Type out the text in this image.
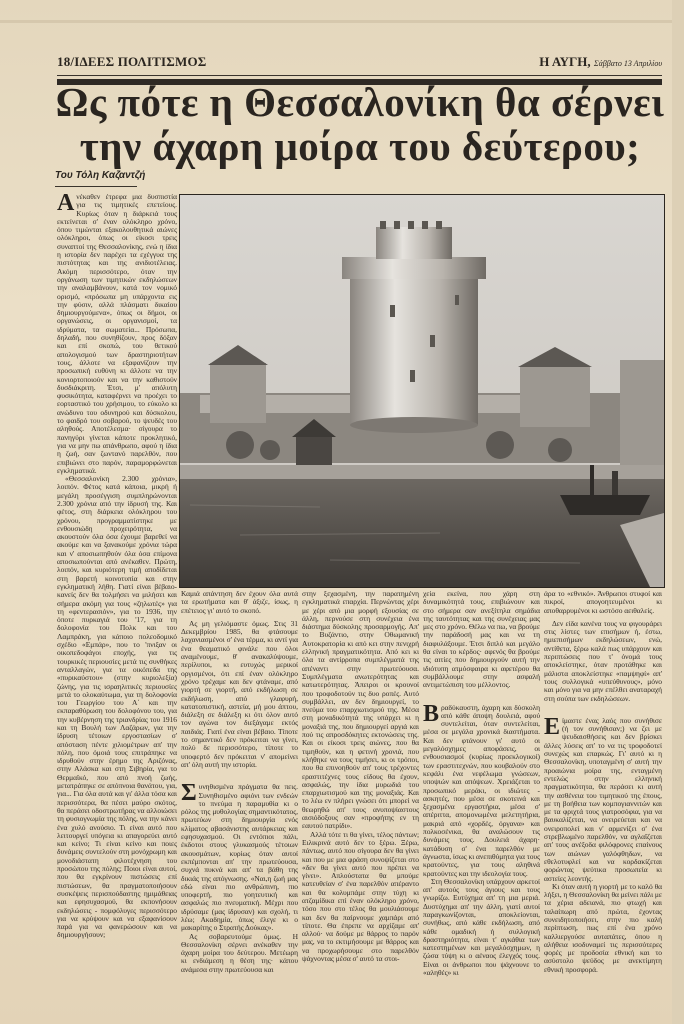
18/ΙΔΕΕΣ ΠΟΛΙΤΙΣΜΟΣ	Η ΑΥΓΗ, Σάββατο 13 Απριλίου
Ως πότε η Θεσσαλονίκη θα σέρνει
την άχαρη μοίρα του δεύτερου;
Του Τόλη Καζαντζή

Aνέκαθεν έτρεφα μια δυσπιστία για τις τιμητικές επετείους. Κυρίως όταν η διάρκειά τους εκτείνεται σ' έναν ολόκληρο χρόνο, όπου τιμώνται εξακολουθητικά αιώνες ολόκληροι, όπως οι είκοσι τρεις συναπτοί της Θεσσαλονίκης, ενώ η ίδια η ιστορία δεν παρέχει τα εχέγγυα της πιστότητας και της ανιδιοτέλειας. Ακόμη περισσότερο, όταν την οργάνωση των τιμητικών εκδηλώσεων την αναλαμβάνουν, κατά τον νομικό ορισμό, «πρόσωπα μη υπάρχοντα εις την φύσιν, αλλά πλάσματι δικαίου δημιουργούμενα», όπως οι δήμοι, οι οργανώσεις, οι οργανισμοί, τα ιδρύματα, τα σωματεία... Πρόσωπα, δηλαδή, που συνηθίζουν, προς δόξαν και επί σκοπώ, του θετικού απολογισμού των δραστηριοτήτων τους, άλλοτε να εξαφανίζουν την προσωπική ευθύνη κι άλλοτε να την κονιορτοποιούν και να την καθιστούν δυσδιάκριτη. Έτσι, μ' απόλυτη φυσικότητα, καταφέρνει να προέχει το εορταστικό του χρήσιμου, το εύκολο κι ανώδυνο του οδυνηρού και δύσκολου, το φαιδρό του σοβαρού, το ψευδές του αληθούς. Αποτέλεσμα· σίγουρα το πανηγύρι γίνεται κάποτε προκλητικό, για να μην πω απάνθρωπο, αφού η ίδια η ζωή, σαν ζωντανό παρελθόν, που επιβιώνει στο παρόν, παραμορφώνεται εγκληματικά.

«Θεσσαλονίκη 2.300 χρόνια», λοιπόν. Φέτος κατά κάποια, μικρή ή μεγάλη προσέγγιση συμπληρώνονται 2.300 χρόνια από την ίδρυσή της. Και φέτος, στη διάρκεια ολόκληρου του χρόνου, προγραμματίστηκε με ενθουσιώδη προχειρότητα, να ακουστούν όλα όσα έχουμε βαρεθεί να ακούμε και να ξανακούμε χρόνια τώρα και ν' αποσιωπηθούν όλα όσα επίμονα αποσιωπούνται από ανέκαθεν. Πρώτη, λοιπόν, και κυριότερη τιμή αποδίδεται στη βαρετή κοινοτυπία και στην εγκληματική λήθη. Γιατί είναι βέβαιο- κανείς δεν θα τολμήσει να μιλήσει και σήμερα ακόμη για τους «ζηλωτές» για τη «φεντερασιόν», για το 1936, την όποτε πυρκαγιά του '17, για τη δολοφονία του Πολκ και του Λαμπράκη, για κάποιο πολεοδομικό σχέδιο «Εμπάρ», που το 'πνιξαν οι οικοπεδοφάγοι εποχής, για τις τουρκικές περιουσίες μετά τις συνθήκες ανταλλαγών, για τα οικόπεδα της «πυρικαύστου» (στην κυριολεξία) ζώνης, για τις ισραηλιτικές περιουσίες μετά το ολοκαύτωμα, για τη δολοφονία του Γεωργίου του Α΄ και την εκπαραθύρωση του δολοφόνου του, για την κυβέρνηση της τριανδρίας του 1916 και τη Βουλή των Λαζάρων, για την ίδρυση τέτοιων εργοστασίων σ' απόσταση πέντε χιλιομέτρων απ' την πόλη, που όμοιά τους επιτράπηκε να ιδρυθούν στην έρημο της Αριζόνας, στην Αλάσκα και στη Σιβηρία, για το Θερμαϊκό, που από πνοή ζωής, μετατράπηκε σε απόπνοια θανάτου, για, για... Για όλα αυτά και γι' άλλα τόσα και περισσότερα, θα πέσει μαύρο σκότος, θα περάσει οδοστρωτήρας να αλλοιώσει τη φυσιογνωμία της πόλης, να την κάνει ένα χυλό ανούσιο. Τι είναι αυτό που λειτουργεί υπόγεια κι απαγορεύει αυτό και κείνο; Τι είναι κείνο και ποιες δυνάμεις συντελούν στη μονόχρωμη και μονοδιάστατη φιλοτέχνηση του προσώπου της πόλης; Ποιοι είναι αυτοί, που θα εγκρίνουν πιστώσεις επί πιστώσεων, θα πραγματοποιήσουν συσκέψεις περισπούδαστης ημιμάθειας και εφησυχασμού, θα εκπονήσουν εκδηλώσεις - πομφόλυγες περισσότερο για να κρύψουν και να εξαφανίσουν παρά για να φανερώσουν και να δημιουργήσουν;

Καμιά απάντηση δεν έχουν όλα αυτά τα ερωτήματα και θ' άξιζε, ίσως, η επέτειος γι' αυτό το σκοπό.

Ας μη γελιόμαστε όμως. Στις 31 Δεκεμβρίου 1985, θα φτάσουμε λαχανιασμένοι σ' ένα τέρμα, κι αντί για ένα θεαματικό φινάλε που όλοι αναμένουμε, θ' ανακαλύψουμε, περίλυποι, κι ευτυχώς μερικοί οργισμένοι, ότι επί έναν ολόκληρο χρόνο τρέχαμε και δεν φτάναμε, από γιορτή σε γιορτή, από εκδήλωση σε εκδήλωση, από γλαφυρή, κατατοπιστική, αστεία, μή μου άπτου, διάλεξη σε διάλεξη κι ότι όλον αυτό τον αγώνα τον διεξάγαμε εκτός παιδιάς. Γιατί ένα είναι βέβαιο. Τίποτε το σημαντικό δεν πρόκειται να γίνει, πολύ δε περισσότερο, τίποτε το υποφερτό δεν πρόκειται ν' απομείνει απ' όλη αυτή την ιστορία.

Συνηθισμένα πράγματα θα πεις. Συνηθισμένο αφιόνι των ενδεών το πνεύμα η παραμυθία κι ο ρόλος της μυθολογίας σημαντικότατος, πρωτεύων στη δημιουργία ενός κλίματος αβασάνιστης αυτάρκειας και εφησυχασμού. Οι εντόπιοι πάλι, έκδοτοι στους γλυκασμούς τέτοιων ακουσμάτων, κυρίως όταν αυτοί εκπέμπονται απ' την πρωτεύουσα, συχνά πυκνά και απ' τα βάθη της δικιάς της απόγνωσης. «Ναι,η ζωή μας εδώ είναι πιο ανθρώπινη, πιο υποφερτή, πιο γοητευτική και ασφαλώς πιο πνευματική. Μέχρι που ιδρύσαμε (μας ίδρυσαν) και σχολή, τι λέω; Ακαδημία, όπως έλεγε κι ο μακαρίτης ο Στρατής Δούκας».

Ας σοβαρευτούμε όμως. Η Θεσσαλονίκη σέρνει ανέκαθεν την άχαρη μοίρα του δεύτερου. Μετέωρη κι ενδιάμεση η θέση της· κάπου ανάμεσα στην πρωτεύουσα και

στην ξεχασμένη, την παρατημένη εγκληματικά επαρχία. Περνώντας χέρι με χέρι από μια μορφή εξουσίας σε άλλη, περνούσε στη συνέχεια ένα διάστημα δύσκολης προσαρμογής. Απ' το Βυζάντιο, στην Οθωμανική Αυτοκρατορία κι από κει στην πενιχρή ελληνική πραγματικότητα. Από κει κι όλα τα αντίρροπα συμπλέγματά της απέναντι στην πρωτεύουσα. Συμπλέγματα ανωτερότητας και κατωτερότητας. Άπειροι οι κρουνοί που τροφοδοτούν τις δυο ροπές. Αυτό συμβάλλει, αν δεν δημιουργεί, το πνεύμα του επαρχιωτισμού της. Μέσα στη μοναδικότητά της υπάρχει κι η μοναξιά της, που δημιουργεί αργιά και πού τις απροσδόκητες εκτονώσεις της. Και οι είκοσι τρεις αιώνες, που θα τιμηθούν, και η φετινή χρονιά, που κλήθηκε να τους τιμήσει, κι οι τρόποι, που θα επινοηθούν απ' τους τρέχοντες εραστιτέχνες τους είδους θα έχουν, ασφαλώς, την ίδια μυρωδιά του επαρχιωτισμού και της μοναξιάς. Και το λέω εν πλήρει γνώσει ότι μπορεί να θεωρηθώ απ' τους ανυποψίαστους αισιόδοξους σαν «προφήτης εν τη εαυτού πατρίδι».

Αλλά τότε τι θα γίνει, τέλος πάντων; Ειλικρινά αυτό δεν το ξέρω. Ξέρω, πάντως, αυτό που σίγουρα δεν θα γίνει και που με μια φράση συνοψίζεται στο «δεν θα γίνει αυτό που πρέπει να γίνει». Απλούστατα θα μπούμε κατευθείαν σ' ένα παρελθόν απέραντο και θα κολυμπάμε στην τύχη κι ατζαμίδικα επί έναν ολόκληρο χρόνο, τόσο που στο τέλος θα μουλιάσουμε και δεν θα παίρνουμε χαμπάρι από τίποτε. Θα έπρεπε να αρχίζαμε απ' αλλού· να δούμε με θάρρος το παρόν μας, να το εκτιμήσουμε με θάρρος και να προχωρήσουμε στο παρελθόν ψάχνοντας μέσα σ' αυτό τα στοι-

χεία εκείνα, που χάρη στη δυναμικότητά τους, επιβιώνουν και στο σήμερα σαν ανεξίτηλα σημάδια της ταυτότητας και της συνέχειας μας μες στο χρόνο. Θέλω να πω, να βρούμε την παράδοσή μας και να τη διαφυλάξουμε. Έτσι διπλό και μεγάλο θα είναι το κέρδος· αφενός θα βρούμε τις αιτίες που δημιουργούν αυτή την ιδιότυπη ατμόσφαιρα κι αφετέρου θα συμβάλλουμε στην ασφαλή αντιμετώπιση του μέλλοντος.

Βραδύκαυστη, άχαρη και δύσκολη από κάθε άποψη δουλειά, αφού συντελείται, όταν συντελείται, μέσα σε μεγάλα χρονικά διαστήματα. Και δεν φτάνουν γι' αυτό οι μεγαλόσχημες αποφάσεις, οι ενθουσιασμοί (κυρίως προεκλογικοί) των εραστιτεχνών, που κουβαλούν στο κεφάλι ένα νεφέλωμα γνώσεων, υποψιών και απόψεων. Χρειάζεται το προσωπικό μεράκι, οι ιδιώτες - ασκητές, που μέσα σε σκοτεινά και ξεχασμένα εργαστήρια, μέσα σ' απέριττα, απομονωμένα μελετητήρια, μακριά από «χορδές, όργανα» και πολκοσένικα, θα αναλώσουν τις δυνάμεις τους. Δουλειά άχαρη· κατάδυση σ' ένα παρελθόν με άγνωστα, ίσως κι ανεπιθύμητα για τους κρατούντες, για τους αληθινά κρατούντες και την ιδεολογία τους.

Στη Θεσσαλονίκη υπάρχουν αρκετοί απ' αυτούς τους άγιους και τους γνωρίζω. Ευτύχημα απ' τη μια μεριά. Δυστύχημα απ' την άλλη, γιατί αυτοί παραγκωνίζονται, αποκλείονται, συνήθως, από κάθε εκδήλωση, από κάθε ομαδική ή συλλογική δραστηριότητα, είναι τ' αγκάθια των κατεστημένων και μεγαλόσχημων, η ζώσα τύψη κι ο αέναος έλεγχός τους. Είναι οι άνθρωποι που ψάχνουνε το «αληθές» κι

άρα το «εθνικό». Άνθρωποι στυφοί και πικροί, απογοητευμένοι κι αποθαρρυμένοι κι ωστόσο αειθαλείς.

Δεν είδα κανένα τους να φιγουράρει στις λίστες των επισήμων ή, έστω, ημιεπισήμων εκδηλώσεων, ενώ, αντίθετα, ξέρω καλά πως υπάρχουν και περιπτώσεις που τ' όνομά τους αποκλείστηκε, όταν προτάθηκε και μάλιστα αποκλείστηκε «παμψηφί» απ' τους συλλογικά «υπεύθυνους», μόνο και μόνο για να μην επέλθει αναταραχή στη σούπα των εκδηλώσεων.

Είμαστε ένας λαός που συνήθισε (ή τον συνήθισαν;) να ζει με ψευδαισθήσεις και δεν βρίσκει άλλες λύσεις απ' το να τις τροφοδοτεί συνεχώς και επαρκώς. Γι' αυτό κι η Θεσσαλονίκη, υποταγμένη σ' αυτή την προαιώνια μοίρα της, ενταγμένη εντελώς στην ελληνική πραγματικότητα, θα περάσει κι αυτή την ασθένεια του τιμητικού της έπους, με τη βοήθεια των κομπογιαννιτών και με τα φριχτά τους γιατροσόφια, για να βαυκαλίζεται, να ονειρεύεται και να ονειροπολεί και ν' αρμενίζει σ' ένα στρεβλωμένο παρελθόν, να αγλαΐζεται απ' τους ανέξοδα φιλόφρονες επαίνους των αιώνων γαλόφθηδων, να εθελοτυφλεί και να κορδακίζεται φορώντας ψεύτικα προσωπεία κι αστείες λεοντής.

Κι όταν αυτή η γιορτή με το καλό θα λήξει, η Θεσσαλονίκη θα μείνει πάλι με τα χέρια αδειανά, πιο φτωχή και ταλαίπωρη από πρώτα, έχοντας συνειδητοποιήσει, στην πιο καλή περίπτωση, πως επί ένα χρόνο καλλιεργούσε αυταπάτες, όπου η αλήθεια ισοδυναμεί τις περισσότερες φορές με προδοσία εθνική και το ασύστολο ψεύδος με ανεκτίμητη εθνική προσφορά.
